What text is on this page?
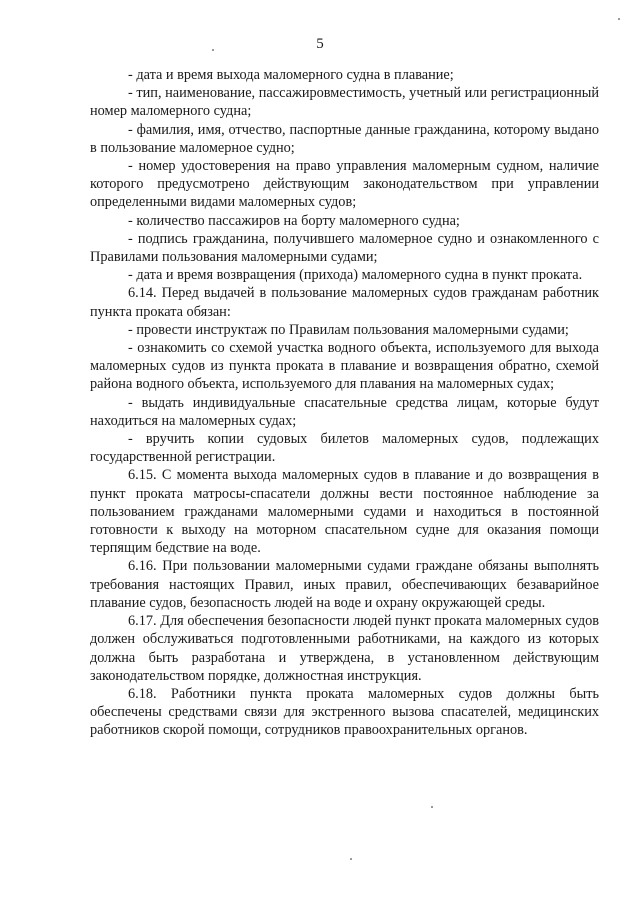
5

- дата и время выхода маломерного судна в плавание;

- тип, наименование, пассажировместимость, учетный или регистрационный номер маломерного судна;

- фамилия, имя, отчество, паспортные данные гражданина, которому выдано в пользование маломерное судно;

- номер удостоверения на право управления маломерным судном, наличие которого предусмотрено действующим законодательством при управлении определенными видами маломерных судов;

- количество пассажиров на борту маломерного судна;

- подпись гражданина, получившего маломерное судно и ознакомленного с Правилами пользования маломерными судами;

- дата и время возвращения (прихода) маломерного судна в пункт проката.

6.14. Перед выдачей в пользование маломерных судов гражданам работник пункта проката обязан:

- провести инструктаж по Правилам пользования маломерными судами;

- ознакомить со схемой участка водного объекта, используемого для выхода маломерных судов из пункта проката в плавание и возвращения обратно, схемой района водного объекта, используемого для плавания на маломерных судах;

- выдать индивидуальные спасательные средства лицам, которые будут находиться на маломерных судах;

- вручить копии судовых билетов маломерных судов, подлежащих государственной регистрации.

6.15. С момента выхода маломерных судов в плавание и до возвращения в пункт проката матросы-спасатели должны вести постоянное наблюдение за пользованием гражданами маломерными судами и находиться в постоянной готовности к выходу на моторном спасательном судне для оказания помощи терпящим бедствие на воде.

6.16. При пользовании маломерными судами граждане обязаны выполнять требования настоящих Правил, иных правил, обеспечивающих безаварийное плавание судов, безопасность людей на воде и охрану окружающей среды.

6.17. Для обеспечения безопасности людей пункт проката маломерных судов должен обслуживаться подготовленными работниками, на каждого из которых должна быть разработана и утверждена, в установленном действующим законодательством порядке, должностная инструкция.

6.18. Работники пункта проката маломерных судов должны быть обеспечены средствами связи для экстренного вызова спасателей, медицинских работников скорой помощи, сотрудников правоохранительных органов.
